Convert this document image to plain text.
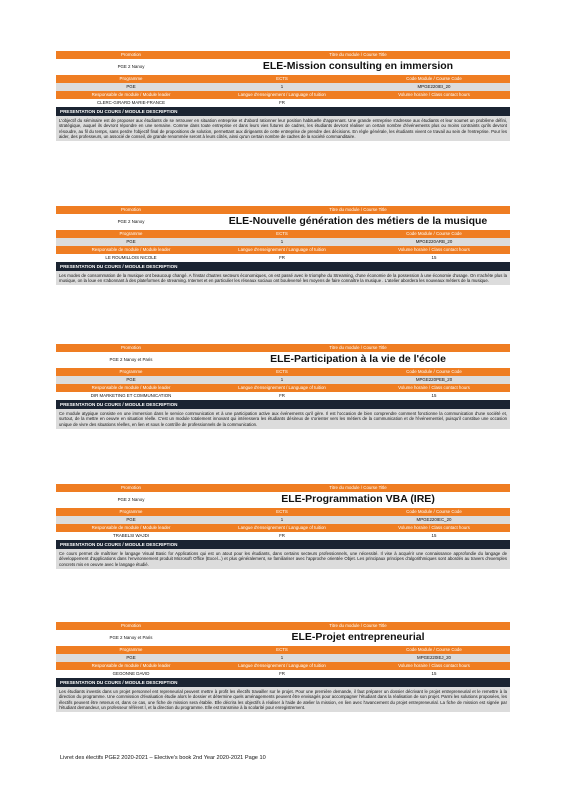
Promotion	Titre du module / Course Title
PGE 2 Nanoy	ELE-Mission consulting en immersion
Programme	ECTS	Code Module / Course Code
PGE	1	MPGE220IEI_20
Responsable de module / Module leader	Langue d'enseignement / Language of tuition	Volume horaire / Class contact hours
CLERC-GIRARD MARIE-FRANCE	FR
PRESENTATION DU COURS / MODULE DESCRIPTION
L'objectif du séminaire est de proposer aux étudiants de se retrouver en situation entreprise et d'abord rationner leur position habituelle d'apprenant. Une grande entreprise s'adresse aux étudiants et leur soumet un problème défini, stratégique, auquel ils devront répondre en une semaine. Comme dans toute entreprise et dans leurs vies futures de cadres, les étudiants devront réaliser un certain nombre d'événements plus ou moins contraints qu'ils devront résoudre, au fil du temps, sans perdre l'objectif final de propositions de solution, permettant aux dirigeants de cette entreprise de prendre des décisions. En règle générale, les étudiants vivent ce travail au sein de l'entreprise. Pour les aider, des professeurs, un associé de conseil, de grande renommée seront à leurs côtés, ainsi qu'un certain nombre de cadres de la société commanditaire.
Promotion	Titre du module / Course Title
PGE 2 Nanoy	ELE-Nouvelle génération des métiers de la musique
Programme	ECTS	Code Module / Course Code
PGE	1	MPGE220ARB_20
Responsable de module / Module leader	Langue d'enseignement / Language of tuition	Volume horaire / Class contact hours
LE ROUMILLOIS NICOLE	FR	15
PRESENTATION DU COURS / MODULE DESCRIPTION
Les modes de consommation de la musique ont beaucoup changé. A l'instar d'autres secteurs économiques, on est passé avec le triomphe du Streaming, d'une économie de la possession à une économie d'usage. On n'achète plus la musique, on la loue en s'abonnant à des plateformes de streaming. Internet et en particulier les réseaux sociaux ont bouleversé les moyens de faire connaître la musique . L'atelier abordera les nouveaux métiers de la musique.
Promotion	Titre du module / Course Title
PGE 2 Nanoy et Paris	ELE-Participation à la vie de l'école
Programme	ECTS	Code Module / Course Code
PGE	1	MPGE220PEB_20
Responsable de module / Module leader	Langue d'enseignement / Language of tuition	Volume horaire / Class contact hours
DIR MARKETING ET COMMUNICATION	FR	15
PRESENTATION DU COURS / MODULE DESCRIPTION
Ce module atypique consiste en une immersion dans le service communication et à une participation active aux événements qu'il gère. Il est l'occasion de bien comprendre comment fonctionne la communication d'une société et, surtout, de la mettre en oeuvre en situation réelle. C'est un module totalement innovant qui intéressera les étudiants désireux de s'orienter vers les métiers de la communication et de l'événementiel, puisqu'il constitue une occasion unique de vivre des situations réelles, en lien et sous le contrôle de professionnels de la communication.
Promotion	Titre du module / Course Title
PGE 2 Nanoy	ELE-Programmation VBA (IRE)
Programme	ECTS	Code Module / Course Code
PGE	1	MPGE220IEC_20
Responsable de module / Module leader	Langue d'enseignement / Language of tuition	Volume horaire / Class contact hours
TRABELSI WAJDI	FR	15
PRESENTATION DU COURS / MODULE DESCRIPTION
Ce cours permet de maîtriser le langage Visual Basic for Applications qui est un atout pour les étudiants, dans certains secteurs professionnels, une nécessité. Il vise à acquérir une connaissance approfondie du langage de développement d'applications dans l'environnement produit Microsoft Office (Excel...) et plus généralement, se familiariser avec l'approche orientée Objet. Les principaux principes d'algorithmiques sont abordés au travers d'exemples concrets mis en oeuvre avec le langage étudié.
Promotion	Titre du module / Course Title
PGE 2 Nanoy et Paris	ELE-Projet entrepreneurial
Programme	ECTS	Code Module / Course Code
PGE	1	MPGE220IEJ_20
Responsable de module / Module leader	Langue d'enseignement / Language of tuition	Volume horaire / Class contact hours
GEGONNE DAVID	FR	15
PRESENTATION DU COURS / MODULE DESCRIPTION
Les étudiants investis dans un projet personnel ent repreneurial peuvent mettre à profit les électifs travailler sur le projet. Pour une première demande, il faut préparer un dossier décrivant le projet entrepreneurial et le remettre à la direction du programme. Une commission d'évaluation étudie alors le dossier et détermine quels aménagements peuvent être envisagés pour accompagner l'étudiant dans la réalisation de son projet. Parmi les solutions proposées, les électifs peuvent être retenus et, dans ce cas, une fiche de mission sera établie. Elle décrira les objectifs à réaliser à l'aide de atelier la mission, en lien avec l'avancement du projet entrepreneurial. La fiche de mission est signée par l'étudiant demandeur, un professeur référent l, et la direction du programme. Elle est transmise à la scolarité pour enregistrement.
Livret des électifs PGE2 2020-2021 – Elective's book 2nd Year 2020-2021 Page 10
